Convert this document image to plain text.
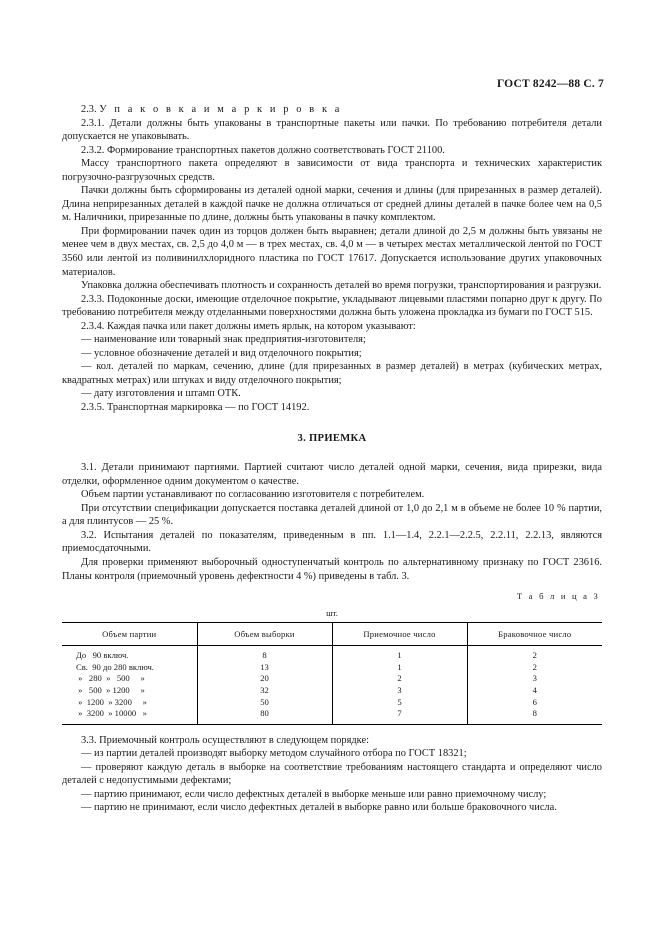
ГОСТ 8242—88 С. 7

2.3. У п а к о в к а и м а р к и р о в к а

2.3.1. Детали должны быть упакованы в транспортные пакеты или пачки. По требованию потребителя детали допускается не упаковывать.

2.3.2. Формирование транспортных пакетов должно соответствовать ГОСТ 21100.

Массу транспортного пакета определяют в зависимости от вида транспорта и технических характеристик погрузочно-разгрузочных средств.

Пачки должны быть сформированы из деталей одной марки, сечения и длины (для прирезанных в размер деталей). Длина неприрезанных деталей в каждой пачке не должна отличаться от средней длины деталей в пачке более чем на 0,5 м. Наличники, прирезанные по длине, должны быть упакованы в пачку комплектом.

При формировании пачек один из торцов должен быть выравнен; детали длиной до 2,5 м должны быть увязаны не менее чем в двух местах, св. 2,5 до 4,0 м — в трех местах, св. 4,0 м — в четырех местах металлической лентой по ГОСТ 3560 или лентой из поливинилхлоридного пластика по ГОСТ 17617. Допускается использование других упаковочных материалов.

Упаковка должна обеспечивать плотность и сохранность деталей во время погрузки, транспортирования и разгрузки.

2.3.3. Подоконные доски, имеющие отделочное покрытие, укладывают лицевыми пластями попарно друг к другу. По требованию потребителя между отделанными поверхностями должна быть уложена прокладка из бумаги по ГОСТ 515.

2.3.4. Каждая пачка или пакет должны иметь ярлык, на котором указывают:

— наименование или товарный знак предприятия-изготовителя;

— условное обозначение деталей и вид отделочного покрытия;

— кол. деталей по маркам, сечению, длине (для прирезанных в размер деталей) в метрах (кубических метрах, квадратных метрах) или штуках и виду отделочного покрытия;

— дату изготовления и штамп ОТК.

2.3.5. Транспортная маркировка — по ГОСТ 14192.

3. ПРИЕМКА

3.1. Детали принимают партиями. Партией считают число деталей одной марки, сечения, вида прирезки, вида отделки, оформленное одним документом о качестве.

Объем партии устанавливают по согласованию изготовителя с потребителем.

При отсутствии спецификации допускается поставка деталей длиной от 1,0 до 2,1 м в объеме не более 10 % партии, а для плинтусов — 25 %.

3.2. Испытания деталей по показателям, приведенным в пп. 1.1—1.4, 2.2.1—2.2.5, 2.2.11, 2.2.13, являются приемосдаточными.

Для проверки применяют выборочный одноступенчатый контроль по альтернативному признаку по ГОСТ 23616. Планы контроля (приемочный уровень дефектности 4 %) приведены в табл. 3.

Т а б л и ц а 3

шт.

Объем партии	Объем выборки	Приемочное число	Браковочное число
До   90 включ.	8	1	2
Св.  90 до 280 включ.	13	1	2
»   280  »   500     »	20	2	3
»   500  » 1200     »	32	3	4
»  1200  » 3200     »	50	5	6
»  3200  » 10000   »	80	7	8

3.3. Приемочный контроль осуществляют в следующем порядке:

— из партии деталей производят выборку методом случайного отбора по ГОСТ 18321;

— проверяют каждую деталь в выборке на соответствие требованиям настоящего стандарта и определяют число деталей с недопустимыми дефектами;

— партию принимают, если число дефектных деталей в выборке меньше или равно приемочному числу;

— партию не принимают, если число дефектных деталей в выборке равно или больше браковочного числа.
